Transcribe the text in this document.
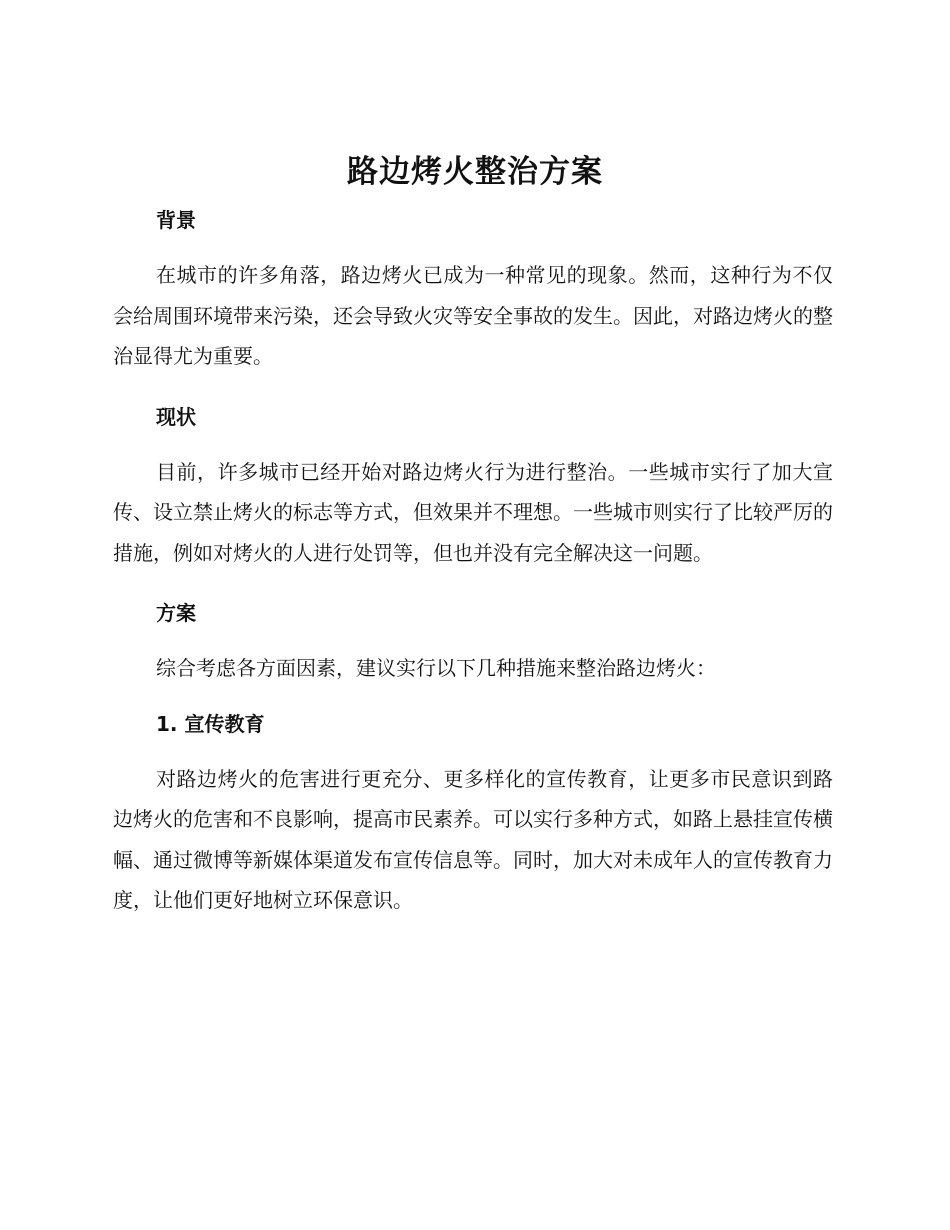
路边烤火整治方案
背景

在城市的许多角落，路边烤火已成为一种常见的现象。然而，这种行为不仅会给周围环境带来污染，还会导致火灾等安全事故的发生。因此，对路边烤火的整治显得尤为重要。

现状

目前，许多城市已经开始对路边烤火行为进行整治。一些城市实行了加大宣传、设立禁止烤火的标志等方式，但效果并不理想。一些城市则实行了比较严厉的措施，例如对烤火的人进行处罚等，但也并没有完全解决这一问题。

方案

综合考虑各方面因素，建议实行以下几种措施来整治路边烤火：

1. 宣传教育

对路边烤火的危害进行更充分、更多样化的宣传教育，让更多市民意识到路边烤火的危害和不良影响，提高市民素养。可以实行多种方式，如路上悬挂宣传横幅、通过微博等新媒体渠道发布宣传信息等。同时，加大对未成年人的宣传教育力度，让他们更好地树立环保意识。
